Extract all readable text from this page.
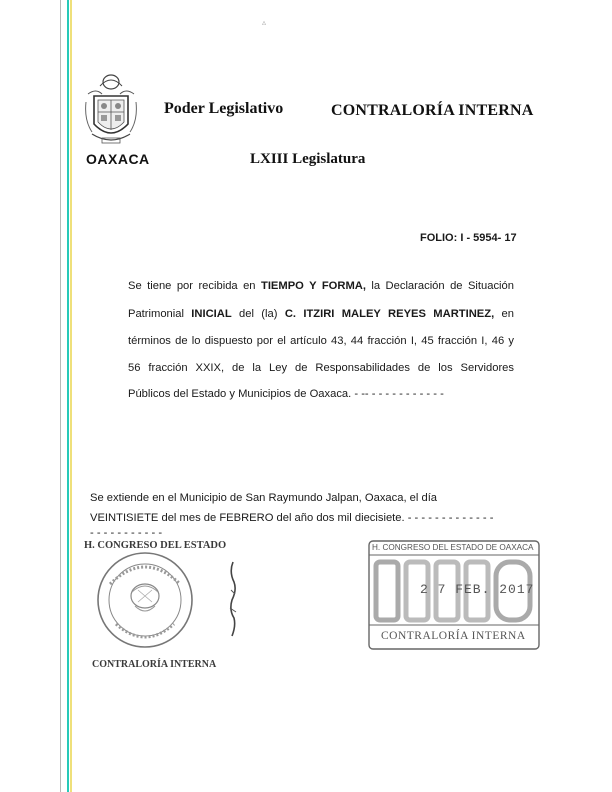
OAXACA
Poder Legislativo	CONTRALORÍA INTERNA
LXIII Legislatura
▵
FOLIO: I - 5954- 17
Se tiene por recibida en TIEMPO Y FORMA, la Declaración de Situación
Patrimonial INICIAL del (la) C. ITZIRI MALEY REYES MARTINEZ, en
términos de lo dispuesto por el artículo 43, 44 fracción I, 45 fracción I, 46 y
56 fracción XXIX, de la Ley de Responsabilidades de los Servidores
Públicos del Estado y Municipios de Oaxaca. - -- - - - - - - - - - - -
Se extiende en el Municipio de San Raymundo Jalpan, Oaxaca, el día
VEINTISIETE del mes de FEBRERO del año dos mil diecisiete. - - - - - - - - - - - - -
- - - - - - - - - - -
H. CONGRESO DEL ESTADO
CONTRALORÍA INTERNA
H. CONGRESO DEL ESTADO DE OAXACA
2 7 FEB. 2017
CONTRALORÍA INTERNA
